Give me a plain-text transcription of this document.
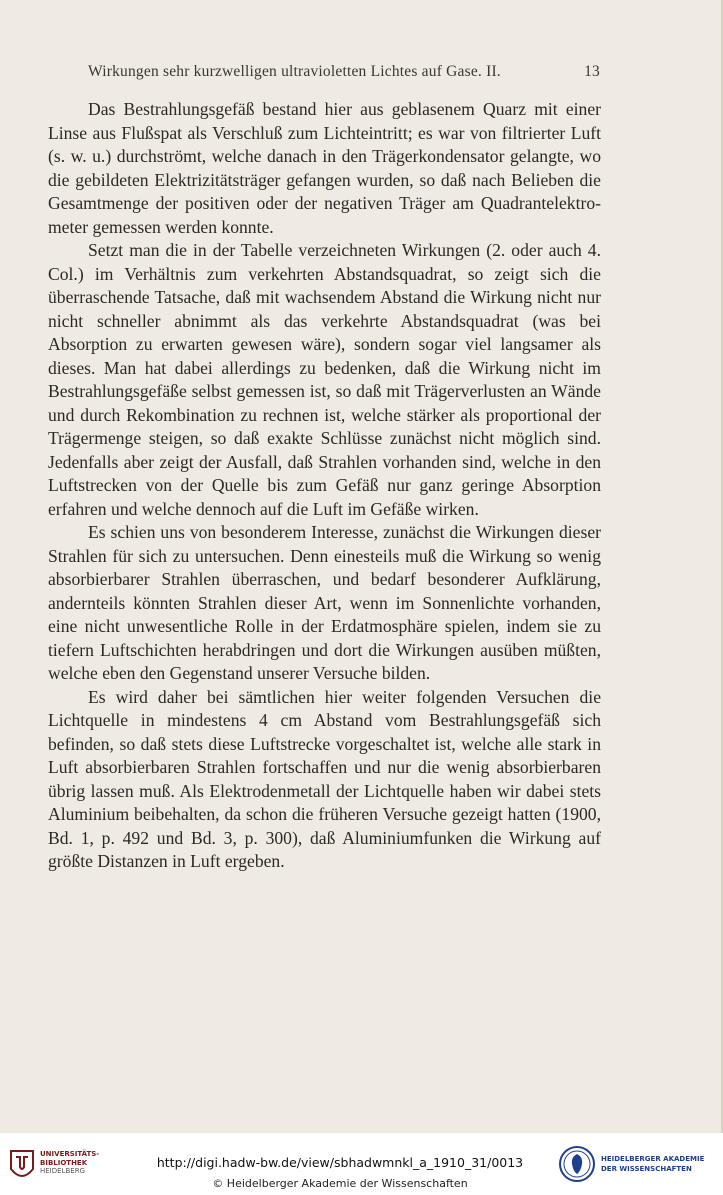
Wirkungen sehr kurzwelligen ultravioletten Lichtes auf Gase. II.	13

Das Bestrahlungsgefäß bestand hier aus geblasenem Quarz mit einer Linse aus Flußspat als Verschluß zum Lichteintritt; es war von filtrierter Luft (s. w. u.) durchströmt, welche danach in den Trägerkondensator gelangte, wo die gebildeten Elektrizitätsträger gefangen wurden, so daß nach Belieben die Gesamtmenge der positiven oder der negativen Träger am Quadrantelektrometer gemessen werden konnte.

Setzt man die in der Tabelle verzeichneten Wirkungen (2. oder auch 4. Col.) im Verhältnis zum verkehrten Abstandsquadrat, so zeigt sich die überraschende Tatsache, daß mit wachsendem Abstand die Wirkung nicht nur nicht schneller abnimmt als das verkehrte Abstandsquadrat (was bei Absorption zu erwarten gewesen wäre), sondern sogar viel langsamer als dieses. Man hat dabei allerdings zu bedenken, daß die Wirkung nicht im Bestrahlungsgefäße selbst gemessen ist, so daß mit Trägerverlusten an Wände und durch Rekombination zu rechnen ist, welche stärker als proportional der Trägermenge steigen, so daß exakte Schlüsse zunächst nicht möglich sind. Jedenfalls aber zeigt der Ausfall, daß Strahlen vorhanden sind, welche in den Luftstrecken von der Quelle bis zum Gefäß nur ganz geringe Absorption erfahren und welche dennoch auf die Luft im Gefäße wirken.

Es schien uns von besonderem Interesse, zunächst die Wirkungen dieser Strahlen für sich zu untersuchen. Denn einesteils muß die Wirkung so wenig absorbierbarer Strahlen überraschen, und bedarf besonderer Aufklärung, andernteils könnten Strahlen dieser Art, wenn im Sonnenlichte vorhanden, eine nicht unwesentliche Rolle in der Erdatmosphäre spielen, indem sie zu tiefern Luftschichten herabdringen und dort die Wirkungen ausüben müßten, welche eben den Gegenstand unserer Versuche bilden.

Es wird daher bei sämtlichen hier weiter folgenden Versuchen die Lichtquelle in mindestens 4 cm Abstand vom Bestrahlungsgefäß sich befinden, so daß stets diese Luftstrecke vorgeschaltet ist, welche alle stark in Luft absorbierbaren Strahlen fortschaffen und nur die wenig absorbierbaren übrig lassen muß. Als Elektrodenmetall der Lichtquelle haben wir dabei stets Aluminium beibehalten, da schon die früheren Versuche gezeigt hatten (1900, Bd. 1, p. 492 und Bd. 3, p. 300), daß Aluminiumfunken die Wirkung auf größte Distanzen in Luft ergeben.

UNIVERSITÄTS-
BIBLIOTHEK
HEIDELBERG
http://digi.hadw-bw.de/view/sbhadwmnkl_a_1910_31/0013
© Heidelberger Akademie der Wissenschaften
HEIDELBERGER AKADEMIE
DER WISSENSCHAFTEN
